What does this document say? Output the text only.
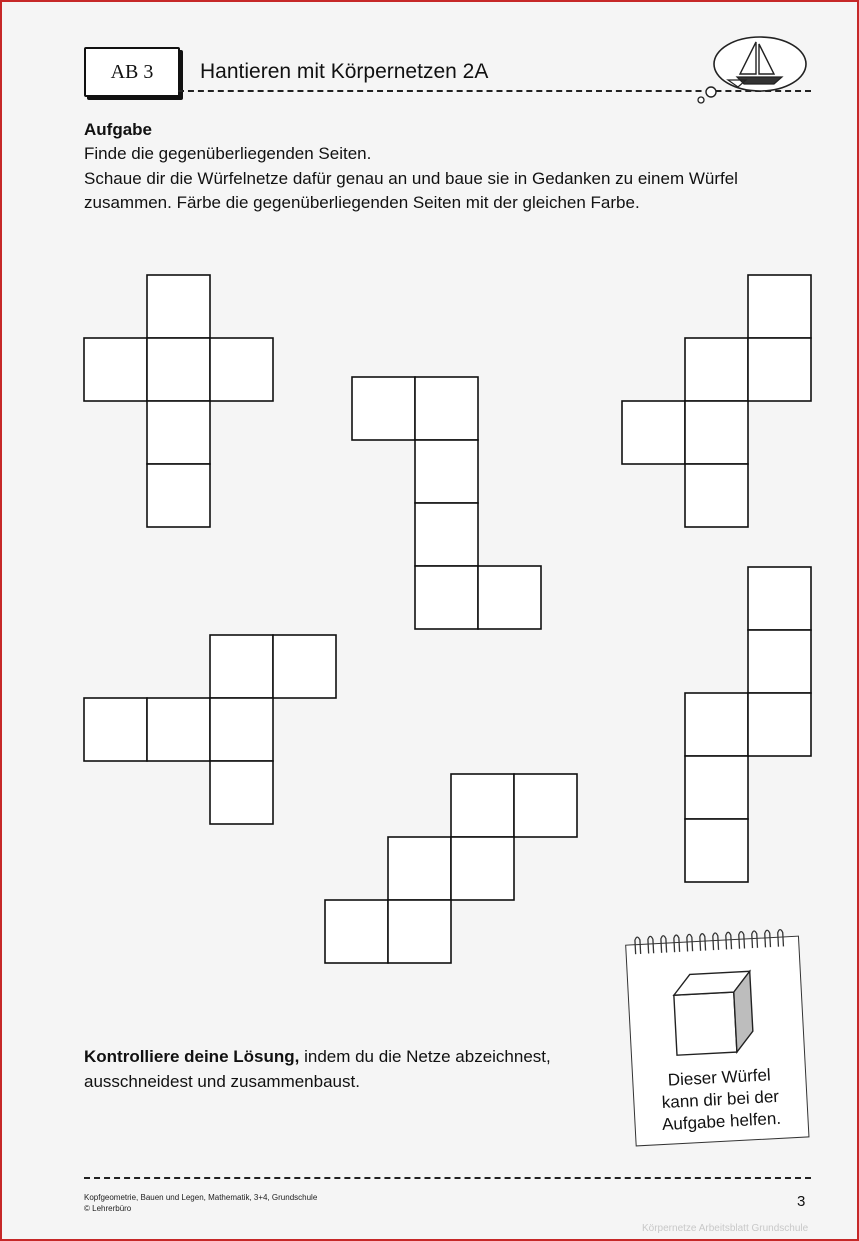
AB 3 Hantieren mit Körpernetzen 2A
Aufgabe
Finde die gegenüberliegenden Seiten.
Schaue dir die Würfelnetze dafür genau an und baue sie in Gedanken zu einem Würfel
zusammen. Färbe die gegenüberliegenden Seiten mit der gleichen Farbe.
Kontrolliere deine Lösung, indem du die Netze abzeichnest,
ausschneidest und zusammenbaust.	Dieser Würfel
kann dir bei der
Aufgabe helfen.
Kopfgeometrie, Bauen und Legen, Mathematik, 3+4, Grundschule
© Lehrerbüro	3
Körpernetze Arbeitsblatt Grundschule
